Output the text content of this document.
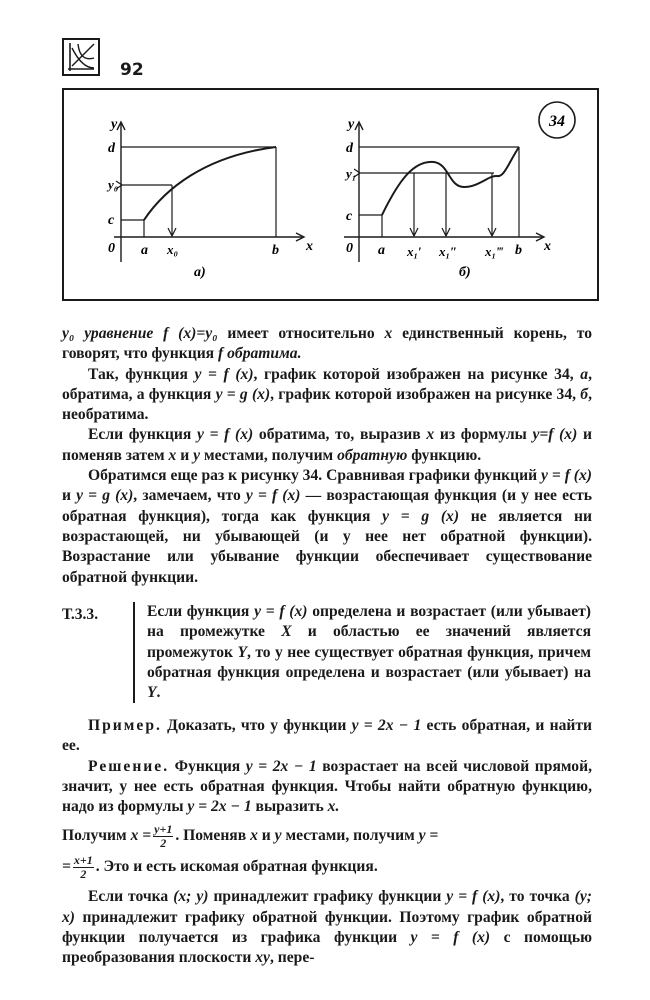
92
y
x
0
d
y₀
c
a x₀	b
а)
34
y
x
0
d
y₁
c
a x₁′ x₁″ x₁‴ b
б)

y₀ уравнение f (x)=y₀ имеет относительно x единственный корень, то говорят, что функция f обратима.

Так, функция y = f (x), график которой изображен на рисунке 34, а, обратима, а функция y = g (x), график которой изображен на рисунке 34, б, необратима.

Если функция y = f (x) обратима, то, выразив x из формулы y=f (x) и поменяв затем x и y местами, получим обратную функцию.

Обратимся еще раз к рисунку 34. Сравнивая графики функций y = f (x) и y = g (x), замечаем, что y = f (x) — возрастающая функция (и у нее есть обратная функция), тогда как функция y = g (x) не является ни возрастающей, ни убывающей (и у нее нет обратной функции). Возрастание или убывание функции обеспечивает существование обратной функции.

Т.3.3.	Если функция y = f (x) определена и возрастает (или убывает) на промежутке X и областью ее значений является промежуток Y, то у нее существует обратная функция, причем обратная функция определена и возрастает (или убывает) на Y.

Пример. Доказать, что у функции y = 2x − 1 есть обратная, и найти ее.

Решение. Функция y = 2x − 1 возрастает на всей числовой прямой, значит, у нее есть обратная функция. Чтобы найти обратную функцию, надо из формулы y = 2x − 1 выразить x.

Получим $x = \frac{y+1}{2}$ . Поменяв x и y местами, получим y =

= $\frac{x+1}{2}$ . Это и есть искомая обратная функция.

Если точка (x; y) принадлежит графику функции y = f (x), то точка (y; x) принадлежит графику обратной функции. Поэтому график обратной функции получается из графика функции y = f (x) с помощью преобразования плоскости xy, пере-
